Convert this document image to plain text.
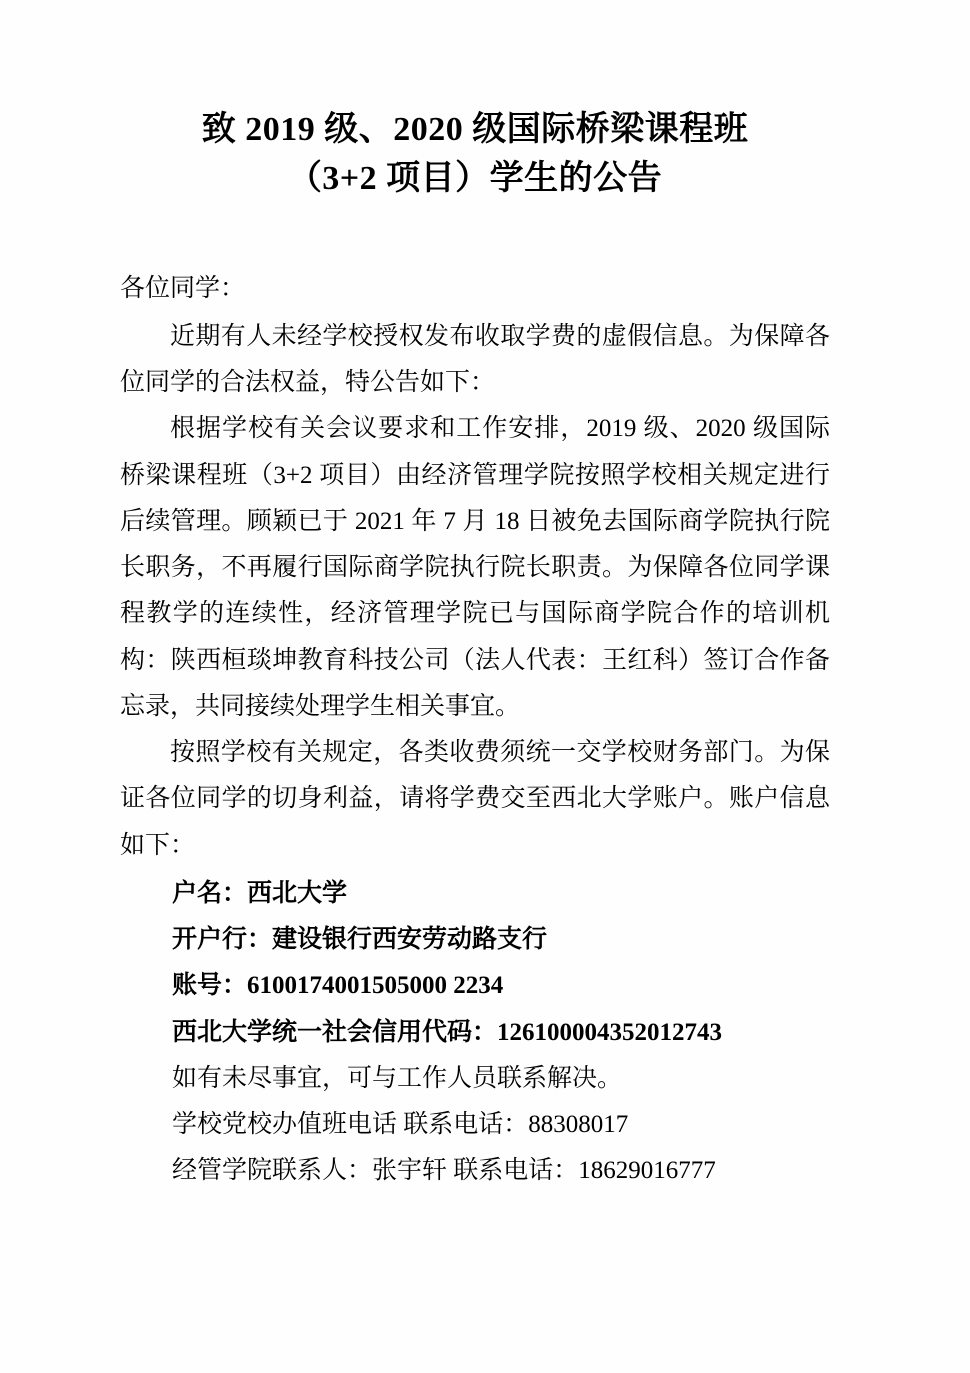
致 2019 级、2020 级国际桥梁课程班
（3+2 项目）学生的公告

各位同学：

近期有人未经学校授权发布收取学费的虚假信息。为保障各位同学的合法权益，特公告如下：

根据学校有关会议要求和工作安排，2019 级、2020 级国际桥梁课程班（3+2 项目）由经济管理学院按照学校相关规定进行后续管理。顾颖已于 2021 年 7 月 18 日被免去国际商学院执行院长职务，不再履行国际商学院执行院长职责。为保障各位同学课程教学的连续性，经济管理学院已与国际商学院合作的培训机构：陕西桓琰坤教育科技公司（法人代表：王红科）签订合作备忘录，共同接续处理学生相关事宜。

按照学校有关规定，各类收费须统一交学校财务部门。为保证各位同学的切身利益，请将学费交至西北大学账户。账户信息如下：

户名：西北大学
开户行：建设银行西安劳动路支行
账号：6100174001505000 2234
西北大学统一社会信用代码：126100004352012743
如有未尽事宜，可与工作人员联系解决。
学校党校办值班电话 联系电话：88308017
经管学院联系人：张宇轩 联系电话：18629016777
